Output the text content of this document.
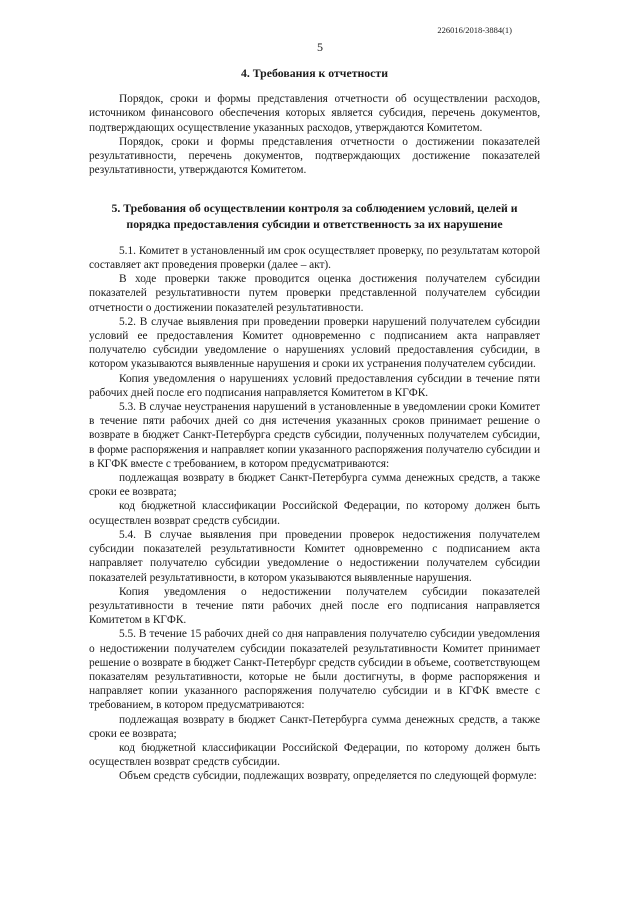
226016/2018-3884(1)
5
4. Требования к отчетности

Порядок, сроки и формы представления отчетности об осуществлении расходов, источником финансового обеспечения которых является субсидия, перечень документов, подтверждающих осуществление указанных расходов, утверждаются Комитетом.

Порядок, сроки и формы представления отчетности о достижении показателей результативности, перечень документов, подтверждающих достижение показателей результативности, утверждаются Комитетом.

5. Требования об осуществлении контроля за соблюдением условий, целей и порядка предоставления субсидии и ответственность за их нарушение

5.1. Комитет в установленный им срок осуществляет проверку, по результатам которой составляет акт проведения проверки (далее – акт).

В ходе проверки также проводится оценка достижения получателем субсидии показателей результативности путем проверки представленной получателем субсидии отчетности о достижении показателей результативности.

5.2. В случае выявления при проведении проверки нарушений получателем субсидии условий ее предоставления Комитет одновременно с подписанием акта направляет получателю субсидии уведомление о нарушениях условий предоставления субсидии, в котором указываются выявленные нарушения и сроки их устранения получателем субсидии.

Копия уведомления о нарушениях условий предоставления субсидии в течение пяти рабочих дней после его подписания направляется Комитетом в КГФК.

5.3. В случае неустранения нарушений в установленные в уведомлении сроки Комитет в течение пяти рабочих дней со дня истечения указанных сроков принимает решение о возврате в бюджет Санкт-Петербурга средств субсидии, полученных получателем субсидии, в форме распоряжения и направляет копии указанного распоряжения получателю субсидии и в КГФК вместе с требованием, в котором предусматриваются:

подлежащая возврату в бюджет Санкт-Петербурга сумма денежных средств, а также сроки ее возврата;

код бюджетной классификации Российской Федерации, по которому должен быть осуществлен возврат средств субсидии.

5.4. В случае выявления при проведении проверок недостижения получателем субсидии показателей результативности Комитет одновременно с подписанием акта направляет получателю субсидии уведомление о недостижении получателем субсидии показателей результативности, в котором указываются выявленные нарушения.

Копия уведомления о недостижении получателем субсидии показателей результативности в течение пяти рабочих дней после его подписания направляется Комитетом в КГФК.

5.5. В течение 15 рабочих дней со дня направления получателю субсидии уведомления о недостижении получателем субсидии показателей результативности Комитет принимает решение о возврате в бюджет Санкт-Петербург средств субсидии в объеме, соответствующем показателям результативности, которые не были достигнуты, в форме распоряжения и направляет копии указанного распоряжения получателю субсидии и в КГФК вместе с требованием, в котором предусматриваются:

подлежащая возврату в бюджет Санкт-Петербурга сумма денежных средств, а также сроки ее возврата;

код бюджетной классификации Российской Федерации, по которому должен быть осуществлен возврат средств субсидии.

Объем средств субсидии, подлежащих возврату, определяется по следующей формуле:
